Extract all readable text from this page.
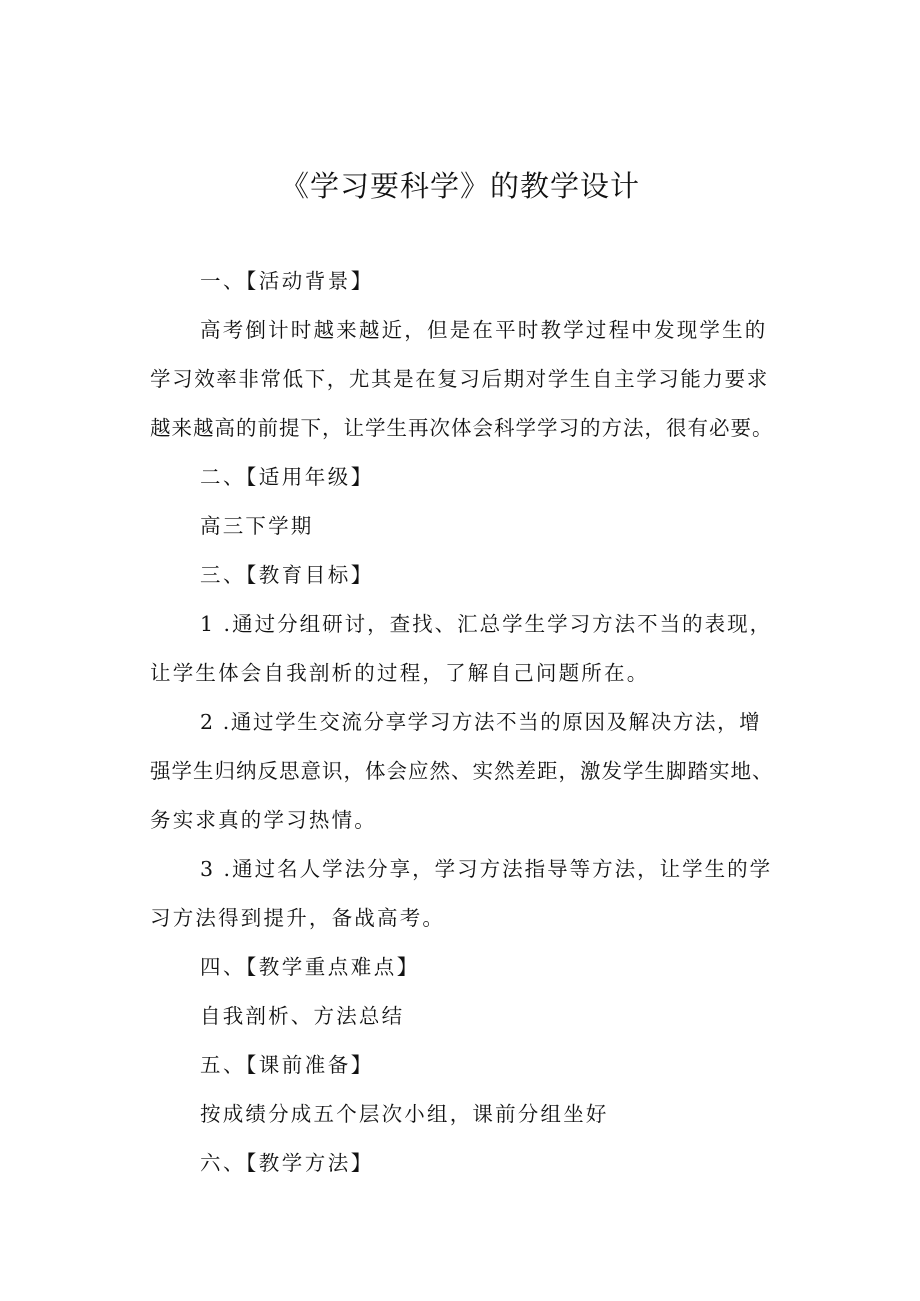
《学习要科学》的教学设计
一、【活动背景】
高考倒计时越来越近，但是在平时教学过程中发现学生的
学习效率非常低下，尤其是在复习后期对学生自主学习能力要求
越来越高的前提下，让学生再次体会科学学习的方法，很有必要。
二、【适用年级】
高三下学期
三、【教育目标】
1 .通过分组研讨，查找、汇总学生学习方法不当的表现，
让学生体会自我剖析的过程，了解自己问题所在。
2 .通过学生交流分享学习方法不当的原因及解决方法，增
强学生归纳反思意识，体会应然、实然差距，激发学生脚踏实地、
务实求真的学习热情。
3 .通过名人学法分享，学习方法指导等方法，让学生的学
习方法得到提升，备战高考。
四、【教学重点难点】
自我剖析、方法总结
五、【课前准备】
按成绩分成五个层次小组，课前分组坐好
六、【教学方法】
